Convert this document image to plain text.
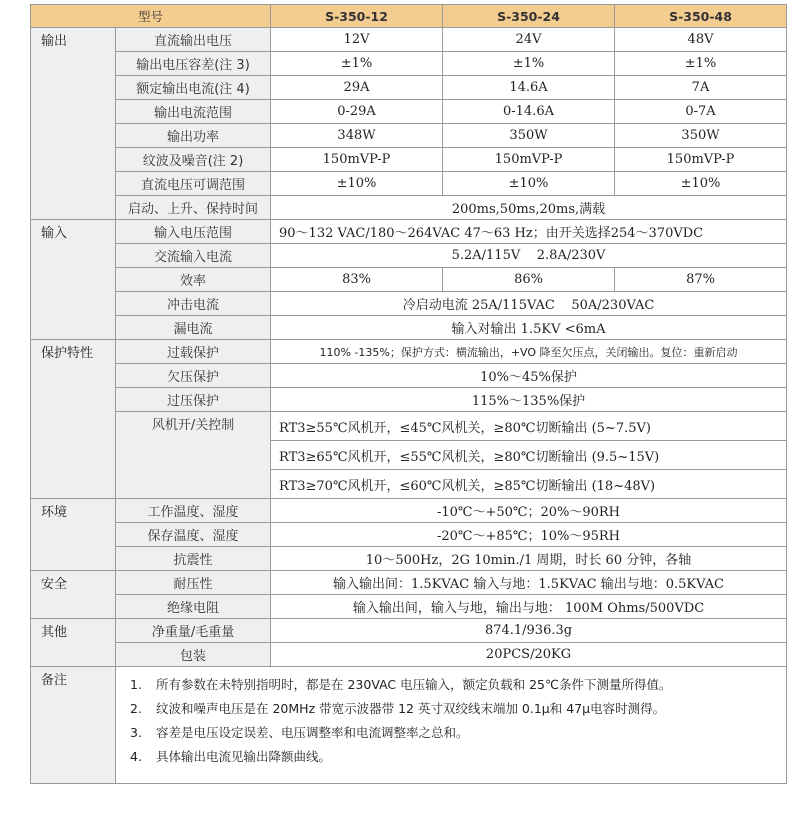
型号		S-350-12	S-350-24	S-350-48
输出	直流输出电压	12V	24V	48V
	输出电压容差(注 3)	±1%	±1%	±1%
	额定输出电流(注 4)	29A	14.6A	7A
	输出电流范围	0-29A	0-14.6A	0-7A
	输出功率	348W	350W	350W
	纹波及噪音(注 2)	150mVP-P	150mVP-P	150mVP-P
	直流电压可调范围	±10%	±10%	±10%
	启动、上升、保持时间	200ms,50ms,20ms,满载		
输入	输入电压范围	90～132 VAC/180～264VAC 47～63 Hz；由开关选择254～370VDC		
	交流输入电流	5.2A/115V    2.8A/230V		
	效率	83%	86%	87%
	冲击电流	冷启动电流 25A/115VAC    50A/230VAC		
	漏电流	输入对输出 1.5KV <6mA		
保护特性	过载保护	110% -135%；保护方式：横流输出，+VO 降至欠压点，关闭输出。复位：重新启动		
	欠压保护	10%～45%保护		
	过压保护	115%～135%保护		
	风机开/关控制	RT3≥55℃风机开，≤45℃风机关，≥80℃切断输出 (5~7.5V)		
		RT3≥65℃风机开，≤55℃风机关，≥80℃切断输出 (9.5~15V)		
		RT3≥70℃风机开，≤60℃风机关，≥85℃切断输出 (18~48V)		
环境	工作温度、湿度	-10℃～+50℃；20%～90RH		
	保存温度、湿度	-20℃～+85℃；10%～95RH		
	抗震性	10～500Hz，2G 10min./1 周期，时长 60 分钟，各轴		
安全	耐压性	输入输出间：1.5KVAC 输入与地：1.5KVAC 输出与地：0.5KVAC		
	绝缘电阻	输入输出间，输入与地，输出与地： 100M Ohms/500VDC		
其他	净重量/毛重量	874.1/936.3g		
	包装	20PCS/20KG		
备注	1. 所有参数在未特别指明时，都是在 230VAC 电压输入，额定负载和 25℃条件下测量所得值。
2. 纹波和噪声电压是在 20MHz 带宽示波器带 12 英寸双绞线末端加 0.1μ和 47μ电容时测得。
3. 容差是电压设定误差、电压调整率和电流调整率之总和。
4. 具体输出电流见输出降额曲线。			
